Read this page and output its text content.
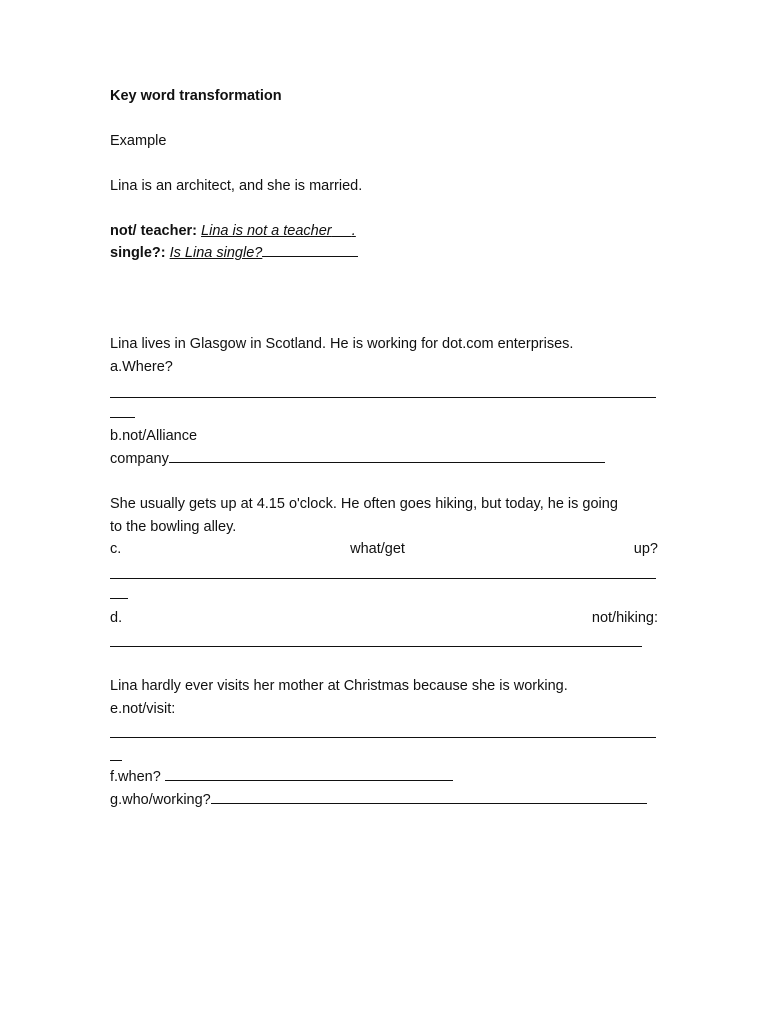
Key word transformation
Example
Lina is an architect, and she is married.
not/ teacher: Lina is not a teacher .
single?: Is Lina single?
Lina lives in Glasgow in Scotland. He is working for dot.com enterprises.
a.Where?
b.not/Alliance
company
She usually gets up at 4.15 o'clock. He often goes hiking, but today, he is going
to the bowling alley.
c.	what/get	up?
d.	not/hiking:
Lina hardly ever visits her mother at Christmas because she is working.
e.not/visit:
f.when?
g.who/working?
